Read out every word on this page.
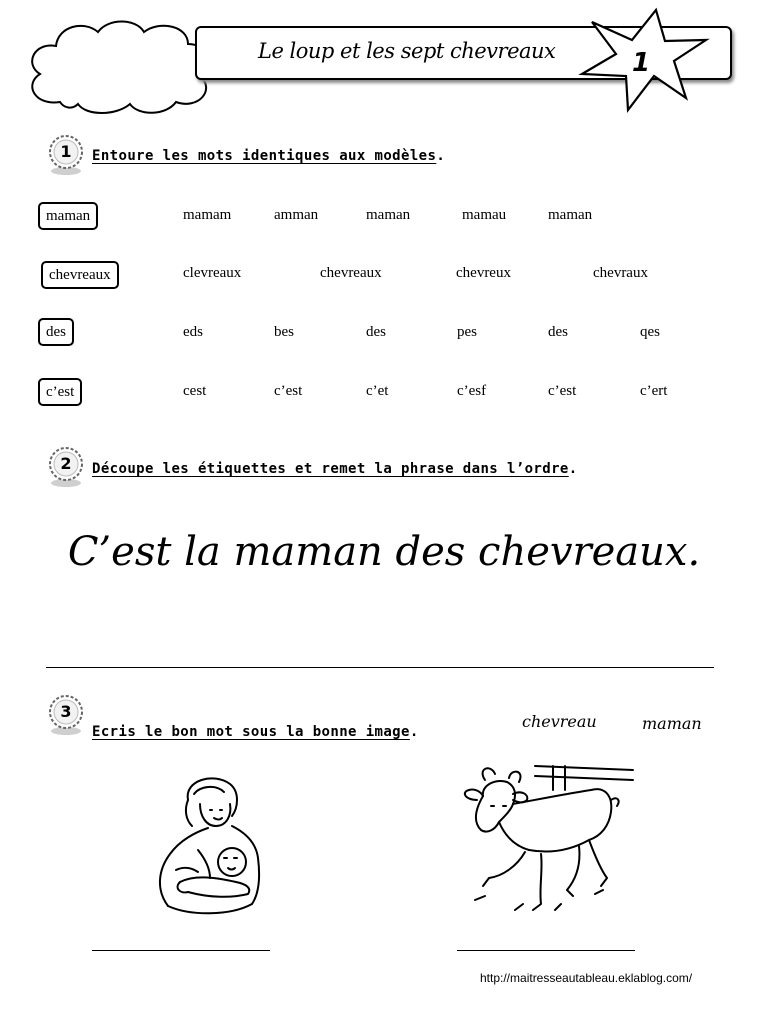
Le loup et les sept chevreaux	1
1	Entoure les mots identiques aux modèles.
maman	mamam	amman	maman	mamau	maman
chevreaux	clevreaux	chevreaux	chevreux	chevraux
des	eds	bes	des	pes	des	qes
c’est	cest	c’est	c’et	c’esf	c’est	c’ert
2	Découpe les étiquettes et remet la phrase dans l’ordre.
C’est la maman des chevreaux.
3
Ecris le bon mot sous la bonne image.
chevreau	maman
http://maitresseautableau.eklablog.com/
